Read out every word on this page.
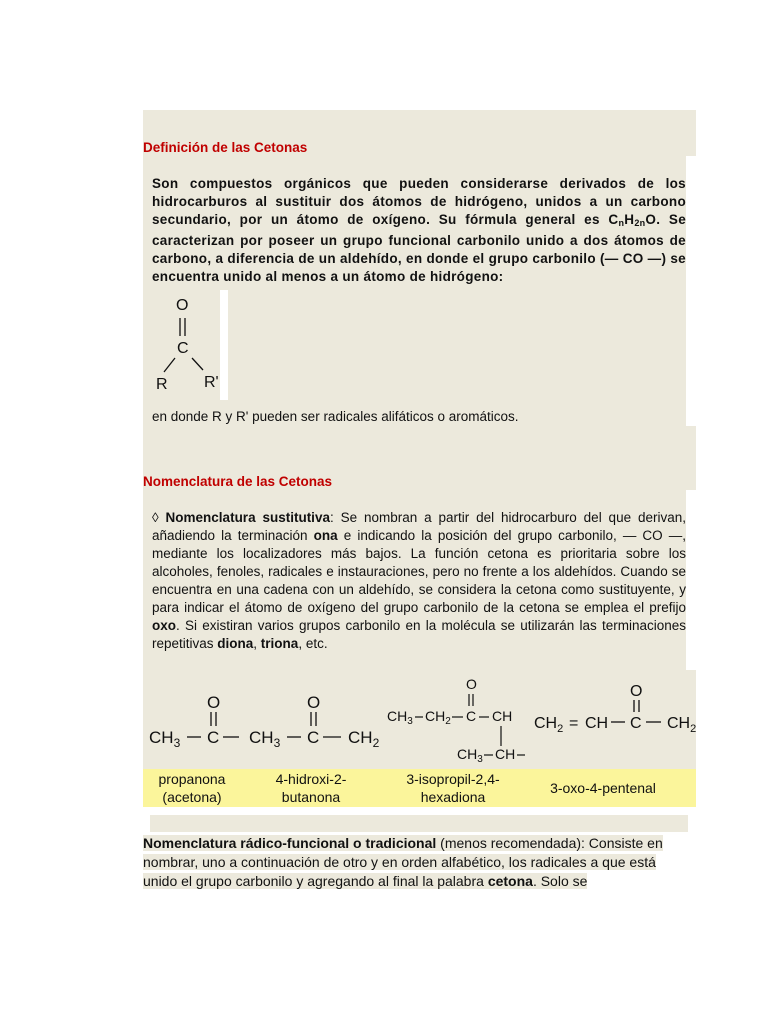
Definición de las Cetonas
Son compuestos orgánicos que pueden considerarse derivados de los hidrocarburos al sustituir dos átomos de hidrógeno, unidos a un carbono secundario, por un átomo de oxígeno. Su fórmula general es $C_nH_{2n}O$. Se caracterizan por poseer un grupo funcional carbonilo unido a dos átomos de carbono, a diferencia de un aldehído, en donde el grupo carbonilo (— CO —) se encuentra unido al menos a un átomo de hidrógeno:
O
C
R R'
en donde R y R' pueden ser radicales alifáticos o aromáticos.
Nomenclatura de las Cetonas
◊ Nomenclatura sustitutiva: Se nombran a partir del hidrocarburo del que derivan, añadiendo la terminación ona e indicando la posición del grupo carbonilo, — CO —, mediante los localizadores más bajos. La función cetona es prioritaria sobre los alcoholes, fenoles, radicales e instauraciones, pero no frente a los aldehídos. Cuando se encuentra en una cadena con un aldehído, se considera la cetona como sustituyente, y para indicar el átomo de oxígeno del grupo carbonilo de la cetona se emplea el prefijo oxo. Si existiran varios grupos carbonilo en la molécula se utilizarán las terminaciones repetitivas diona, triona, etc.
$CH_3$ C
O
$CH_3$ C $CH_2$
O
$CH_3$ $CH_2$ C CH
O
$CH_3$ CH
$CH_2$ = CH C $CH_2$
O
propanona
(acetona)
4-hidroxi-2-
butanona
3-isopropil-2,4-
hexadiona
3-oxo-4-pentenal
Nomenclatura rádico-funcional o tradicional (menos recomendada): Consiste en nombrar, uno a continuación de otro y en orden alfabético, los radicales a que está unido el grupo carbonilo y agregando al final la palabra cetona. Solo se
